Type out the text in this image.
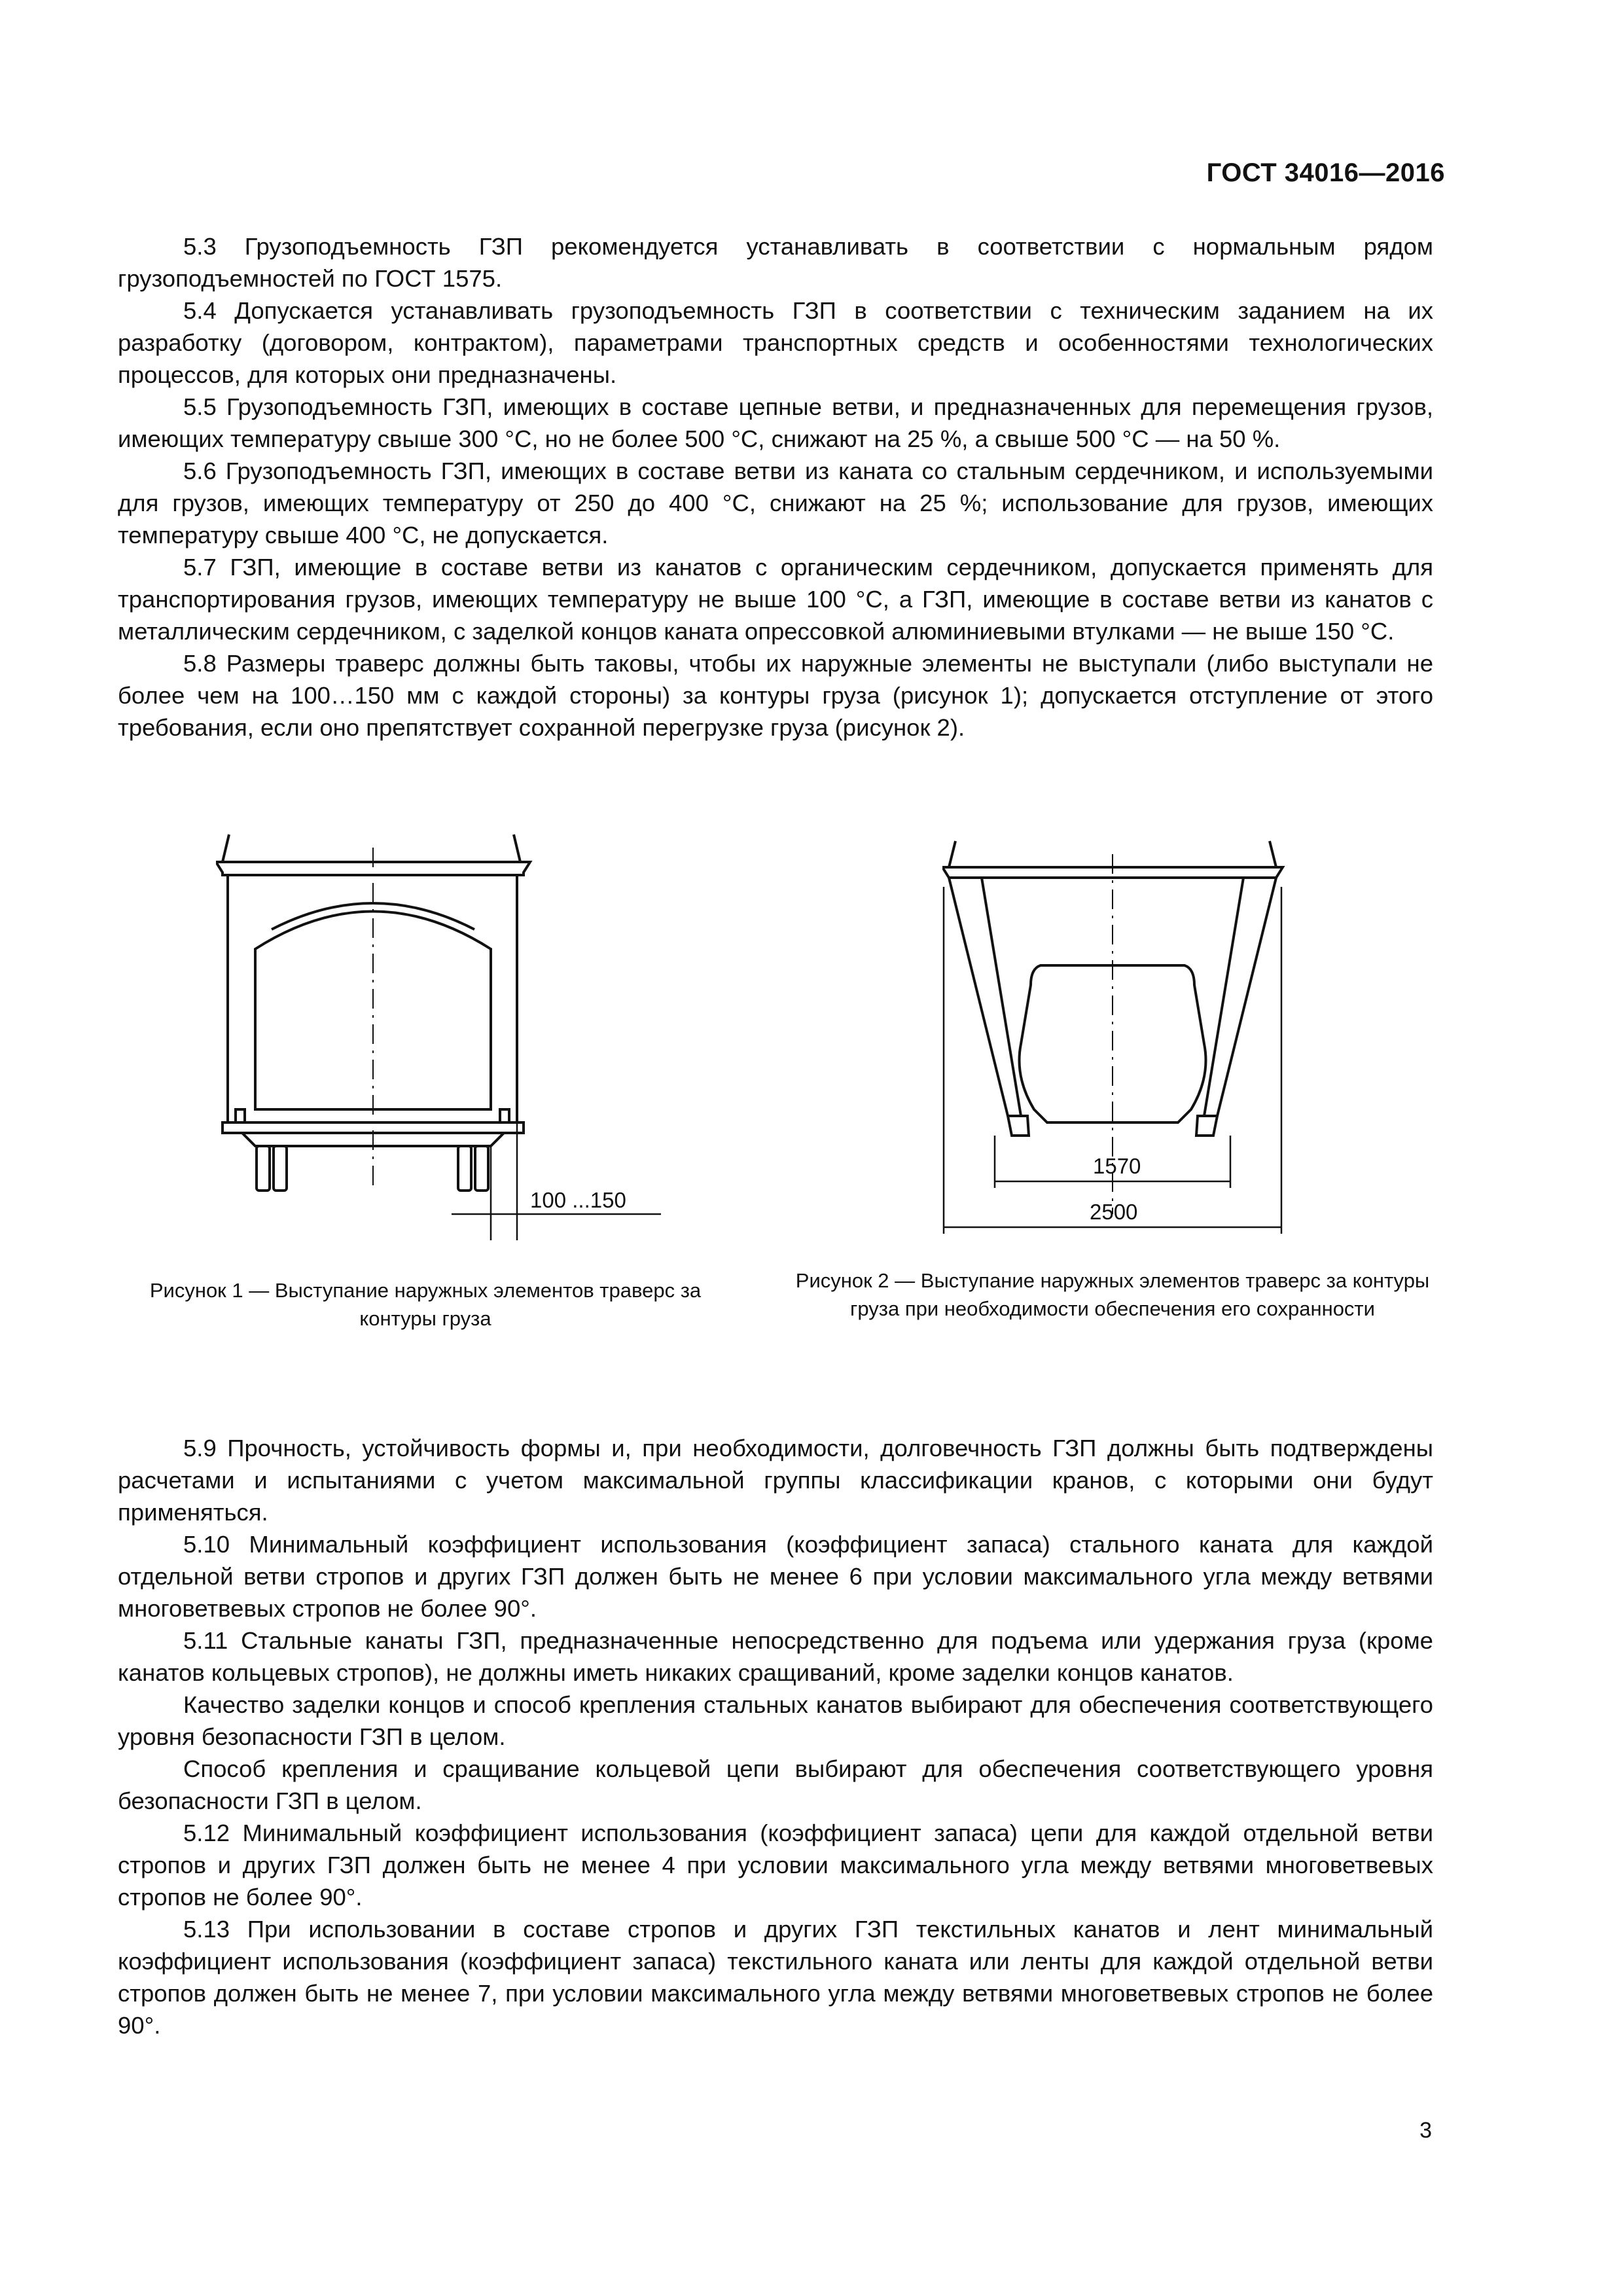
ГОСТ 34016—2016

5.3 Грузоподъемность ГЗП рекомендуется устанавливать в соответствии с нормальным рядом грузоподъемностей по ГОСТ 1575.

5.4 Допускается устанавливать грузоподъемность ГЗП в соответствии с техническим заданием на их разработку (договором, контрактом), параметрами транспортных средств и особенностями технологических процессов, для которых они предназначены.

5.5 Грузоподъемность ГЗП, имеющих в составе цепные ветви, и предназначенных для перемещения грузов, имеющих температуру свыше 300 °С, но не более 500 °С, снижают на 25 %, а свыше 500 °С — на 50 %.

5.6 Грузоподъемность ГЗП, имеющих в составе ветви из каната со стальным сердечником, и используемыми для грузов, имеющих температуру от 250 до 400 °С, снижают на 25 %; использование для грузов, имеющих температуру свыше 400 °С, не допускается.

5.7 ГЗП, имеющие в составе ветви из канатов с органическим сердечником, допускается применять для транспортирования грузов, имеющих температуру не выше 100 °С, а ГЗП, имеющие в составе ветви из канатов с металлическим сердечником, с заделкой концов каната опрессовкой алюминиевыми втулками — не выше 150 °С.

5.8 Размеры траверс должны быть таковы, чтобы их наружные элементы не выступали (либо выступали не более чем на 100…150 мм с каждой стороны) за контуры груза (рисунок 1); допускается отступление от этого требования, если оно препятствует сохранной перегрузке груза (рисунок 2).

100 ...150
1570
2500
Рисунок 1 — Выступание наружных элементов траверс за контуры груза
Рисунок 2 — Выступание наружных элементов траверс за контуры груза при необходимости обеспечения его сохранности

5.9 Прочность, устойчивость формы и, при необходимости, долговечность ГЗП должны быть подтверждены расчетами и испытаниями с учетом максимальной группы классификации кранов, с которыми они будут применяться.

5.10 Минимальный коэффициент использования (коэффициент запаса) стального каната для каждой отдельной ветви стропов и других ГЗП должен быть не менее 6 при условии максимального угла между ветвями многоветвевых стропов не более 90°.

5.11 Стальные канаты ГЗП, предназначенные непосредственно для подъема или удержания груза (кроме канатов кольцевых стропов), не должны иметь никаких сращиваний, кроме заделки концов канатов.

Качество заделки концов и способ крепления стальных канатов выбирают для обеспечения соответствующего уровня безопасности ГЗП в целом.

Способ крепления и сращивание кольцевой цепи выбирают для обеспечения соответствующего уровня безопасности ГЗП в целом.

5.12 Минимальный коэффициент использования (коэффициент запаса) цепи для каждой отдельной ветви стропов и других ГЗП должен быть не менее 4 при условии максимального угла между ветвями многоветвевых стропов не более 90°.

5.13 При использовании в составе стропов и других ГЗП текстильных канатов и лент минимальный коэффициент использования (коэффициент запаса) текстильного каната или ленты для каждой отдельной ветви стропов должен быть не менее 7, при условии максимального угла между ветвями многоветвевых стропов не более 90°.

3
